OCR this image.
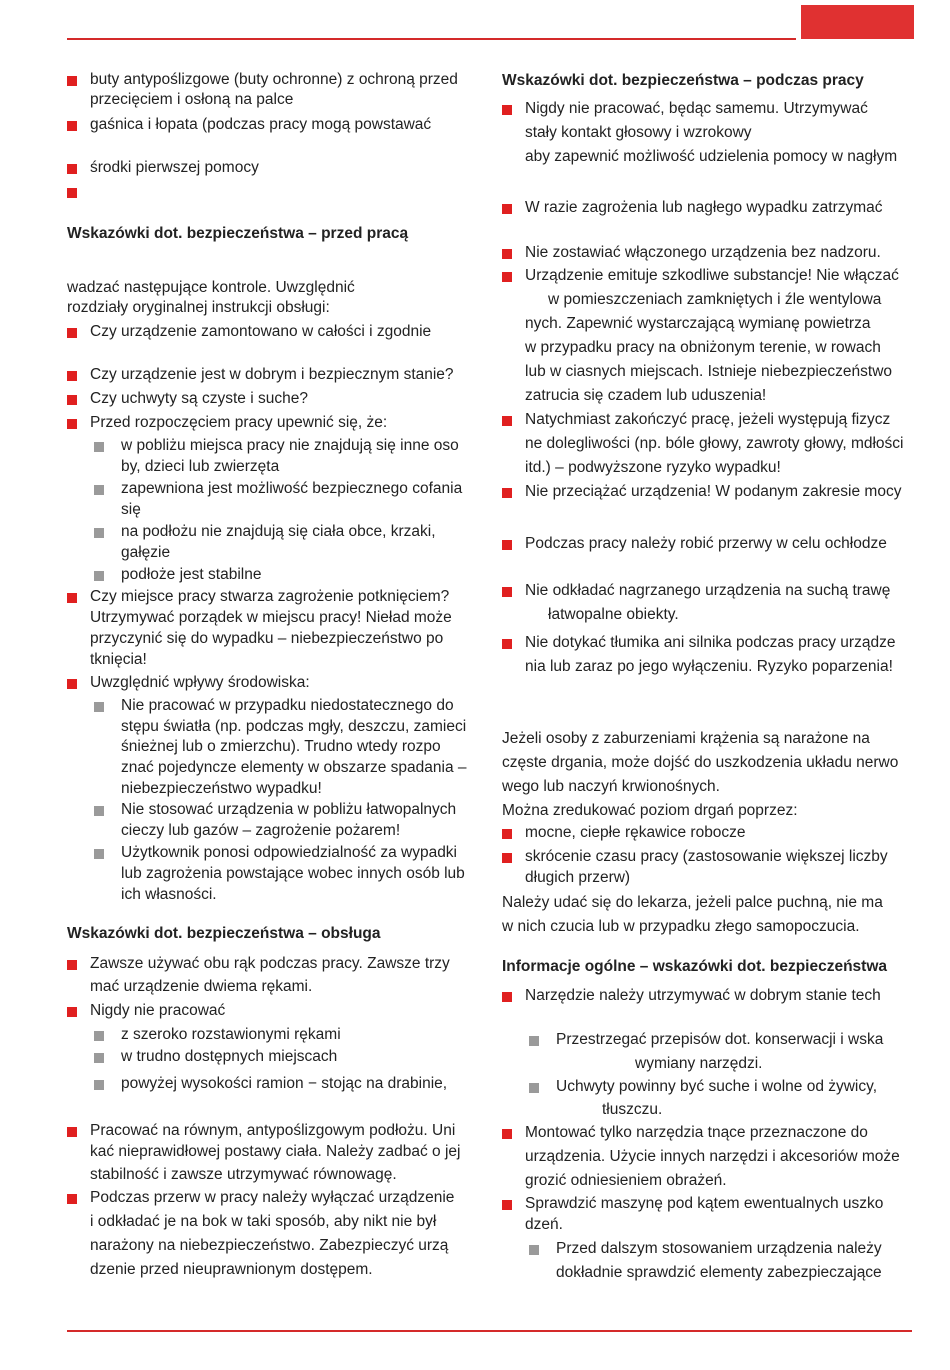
buty antypoślizgowe (buty ochronne) z ochroną przed
przecięciem i osłoną na palce
gaśnica i łopata (podczas pracy mogą powstawać
środki pierwszej pomocy
Wskazówki dot. bezpieczeństwa – przed pracą
wadzać następujące kontrole. Uwzględnić
rozdziały oryginalnej instrukcji obsługi:
Czy urządzenie zamontowano w całości i zgodnie
Czy urządzenie jest w dobrym i bezpiecznym stanie?
Czy uchwyty są czyste i suche?
Przed rozpoczęciem pracy upewnić się, że:
w pobliżu miejsca pracy nie znajdują się inne oso
by, dzieci lub zwierzęta
zapewniona jest możliwość bezpiecznego cofania
się
na podłożu nie znajdują się ciała obce, krzaki,
gałęzie
podłoże jest stabilne
Czy miejsce pracy stwarza zagrożenie potknięciem?
Utrzymywać porządek w miejscu pracy! Nieład może
przyczynić się do wypadku – niebezpieczeństwo po
tknięcia!
Uwzględnić wpływy środowiska:
Nie pracować w przypadku niedostatecznego do
stępu światła (np. podczas mgły, deszczu, zamieci
śnieżnej lub o zmierzchu). Trudno wtedy rozpo
znać pojedyncze elementy w obszarze spadania –
niebezpieczeństwo wypadku!
Nie stosować urządzenia w pobliżu łatwopalnych
cieczy lub gazów – zagrożenie pożarem!
Użytkownik ponosi odpowiedzialność za wypadki
lub zagrożenia powstające wobec innych osób lub
ich własności.
Wskazówki dot. bezpieczeństwa – obsługa
Zawsze używać obu rąk podczas pracy. Zawsze trzy
mać urządzenie dwiema rękami.
Nigdy nie pracować
z szeroko rozstawionymi rękami
w trudno dostępnych miejscach
powyżej wysokości ramion − stojąc na drabinie,
Pracować na równym, antypoślizgowym podłożu. Uni
kać nieprawidłowej postawy ciała. Należy zadbać o jej
stabilność i zawsze utrzymywać równowagę.
Podczas przerw w pracy należy wyłączać urządzenie
i odkładać je na bok w taki sposób, aby nikt nie był
narażony na niebezpieczeństwo. Zabezpieczyć urzą
dzenie przed nieuprawnionym dostępem.
Wskazówki dot. bezpieczeństwa – podczas pracy
Nigdy nie pracować, będąc samemu. Utrzymywać
stały kontakt głosowy i wzrokowy
aby zapewnić możliwość udzielenia pomocy w nagłym
W razie zagrożenia lub nagłego wypadku zatrzymać
Nie zostawiać włączonego urządzenia bez nadzoru.
Urządzenie emituje szkodliwe substancje! Nie włączać
w pomieszczeniach zamkniętych i źle wentylowa
nych. Zapewnić wystarczającą wymianę powietrza
w przypadku pracy na obniżonym terenie, w rowach
lub w ciasnych miejscach. Istnieje niebezpieczeństwo
zatrucia się czadem lub uduszenia!
Natychmiast zakończyć pracę, jeżeli występują fizycz
ne dolegliwości (np. bóle głowy, zawroty głowy, mdłości
itd.) – podwyższone ryzyko wypadku!
Nie przeciążać urządzenia! W podanym zakresie mocy
Podczas pracy należy robić przerwy w celu ochłodze
Nie odkładać nagrzanego urządzenia na suchą trawę
łatwopalne obiekty.
Nie dotykać tłumika ani silnika podczas pracy urządze
nia lub zaraz po jego wyłączeniu. Ryzyko poparzenia!
Jeżeli osoby z zaburzeniami krążenia są narażone na
częste drgania, może dojść do uszkodzenia układu nerwo
wego lub naczyń krwionośnych.
Można zredukować poziom drgań poprzez:
mocne, ciepłe rękawice robocze
skrócenie czasu pracy (zastosowanie większej liczby
długich przerw)
Należy udać się do lekarza, jeżeli palce puchną, nie ma
w nich czucia lub w przypadku złego samopoczucia.
Informacje ogólne – wskazówki dot. bezpieczeństwa
Narzędzie należy utrzymywać w dobrym stanie tech
Przestrzegać przepisów dot. konserwacji i wska
wymiany narzędzi.
Uchwyty powinny być suche i wolne od żywicy,
tłuszczu.
Montować tylko narzędzia tnące przeznaczone do
urządzenia. Użycie innych narzędzi i akcesoriów może
grozić odniesieniem obrażeń.
Sprawdzić maszynę pod kątem ewentualnych uszko
dzeń.
Przed dalszym stosowaniem urządzenia należy
dokładnie sprawdzić elementy zabezpieczające
